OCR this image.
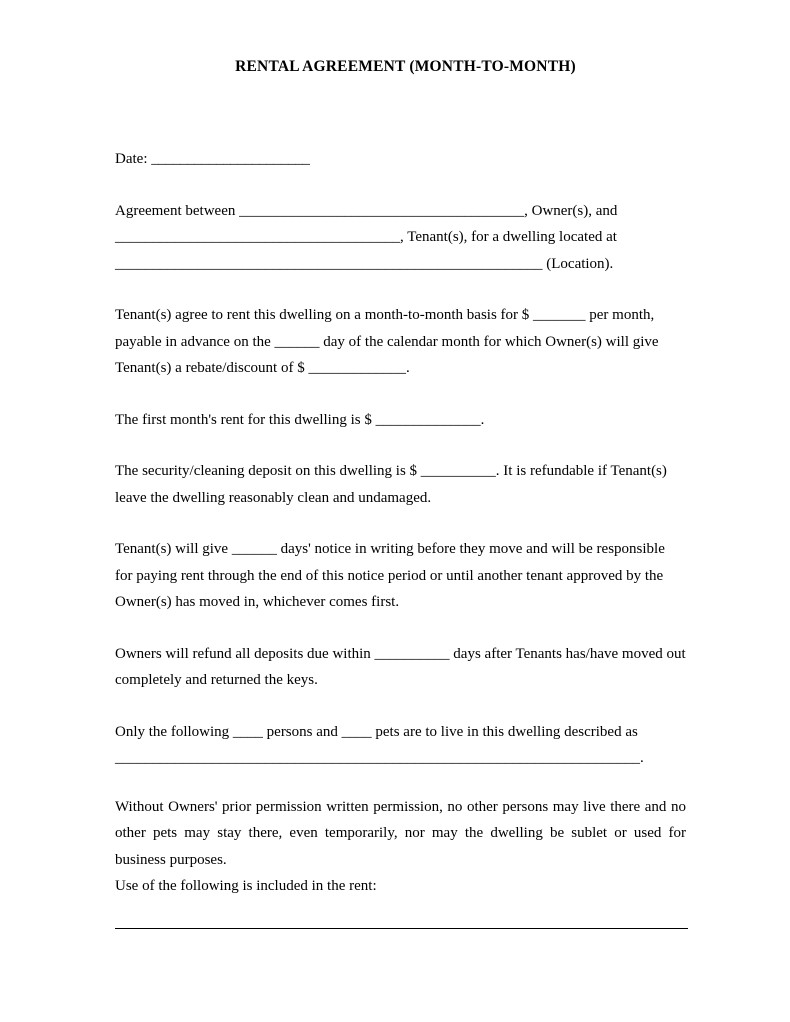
RENTAL AGREEMENT (MONTH-TO-MONTH)
Date: ______________________
Agreement between ______________________________________, Owner(s), and
______________________________________, Tenant(s), for a dwelling located at
_________________________________________________________ (Location).
Tenant(s) agree to rent this dwelling on a month-to-month basis for $ _______ per month, payable in advance on the ______ day of the calendar month for which Owner(s) will give Tenant(s) a rebate/discount of $ _____________.
The first month's rent for this dwelling is $ ______________.
The security/cleaning deposit on this dwelling is $ __________. It is refundable if Tenant(s) leave the dwelling reasonably clean and undamaged.
Tenant(s) will give ______ days' notice in writing before they move and will be responsible for paying rent through the end of this notice period or until another tenant approved by the Owner(s) has moved in, whichever comes first.
Owners will refund all deposits due within __________ days after Tenants has/have moved out completely and returned the keys.
Only the following ____ persons and ____ pets are to live in this dwelling described as
______________________________________________________________________.
Without Owners' prior permission written permission, no other persons may live there and no other pets may stay there, even temporarily, nor may the dwelling be sublet or used for business purposes.
Use of the following is included in the rent:
